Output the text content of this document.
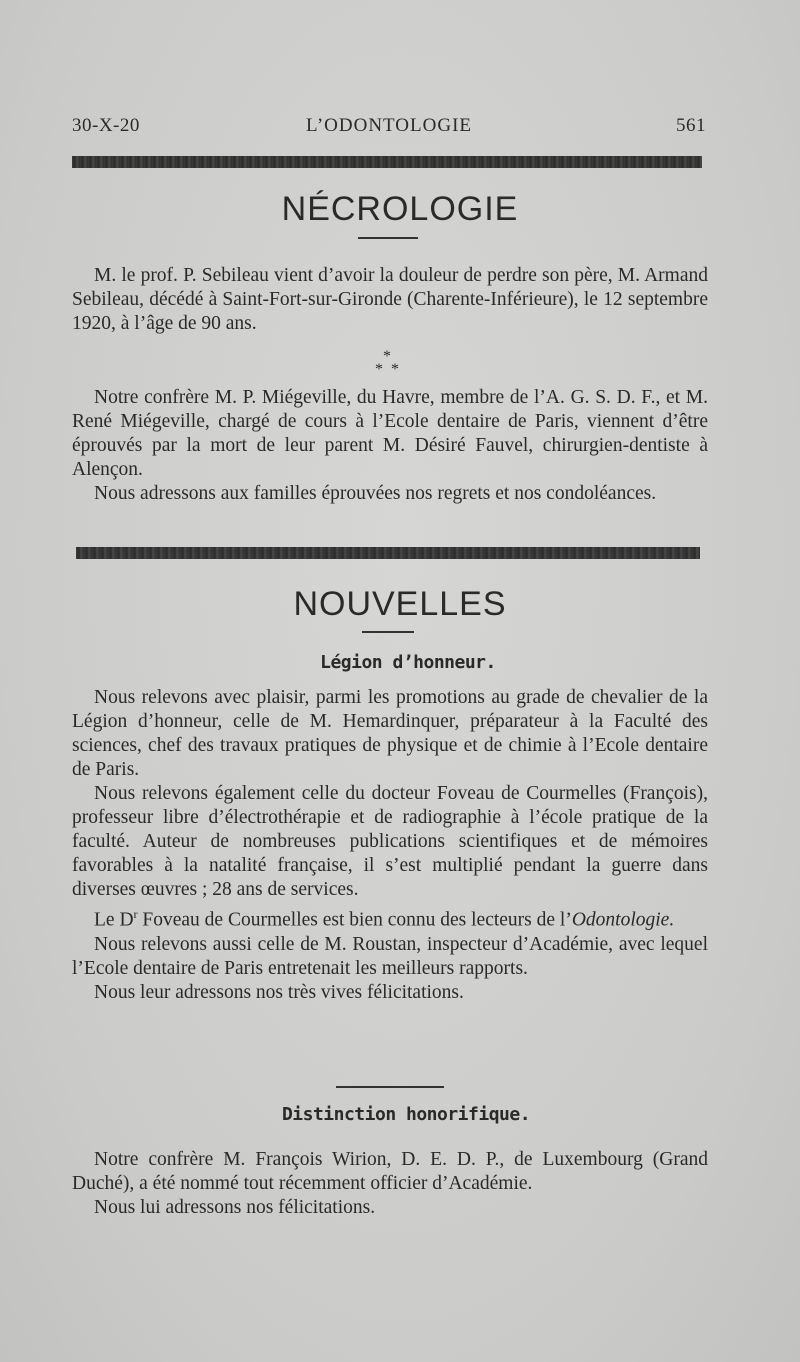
30-X-20	L’ODONTOLOGIE	561
NÉCROLOGIE

M. le prof. P. Sebileau vient d’avoir la douleur de perdre son père, M. Armand Sebileau, décédé à Saint-Fort-sur-Gironde (Charente-Inférieure), le 12 septembre 1920, à l’âge de 90 ans.

*
* *

Notre confrère M. P. Miégeville, du Havre, membre de l’A. G. S. D. F., et M. René Miégeville, chargé de cours à l’Ecole dentaire de Paris, viennent d’être éprouvés par la mort de leur parent M. Désiré Fauvel, chirurgien-dentiste à Alençon.

Nous adressons aux familles éprouvées nos regrets et nos condoléances.

NOUVELLES
Légion d’honneur.

Nous relevons avec plaisir, parmi les promotions au grade de chevalier de la Légion d’honneur, celle de M. Hemardinquer, préparateur à la Faculté des sciences, chef des travaux pratiques de physique et de chimie à l’Ecole dentaire de Paris.

Nous relevons également celle du docteur Foveau de Courmelles (François), professeur libre d’électrothérapie et de radiographie à l’école pratique de la faculté. Auteur de nombreuses publications scientifiques et de mémoires favorables à la natalité française, il s’est multiplié pendant la guerre dans diverses œuvres ; 28 ans de services.

Le $D^r$ Foveau de Courmelles est bien connu des lecteurs de l’Odontologie.

Nous relevons aussi celle de M. Roustan, inspecteur d’Académie, avec lequel l’Ecole dentaire de Paris entretenait les meilleurs rapports.

Nous leur adressons nos très vives félicitations.

Distinction honorifique.

Notre confrère M. François Wirion, D. E. D. P., de Luxembourg (Grand Duché), a été nommé tout récemment officier d’Académie.

Nous lui adressons nos félicitations.
